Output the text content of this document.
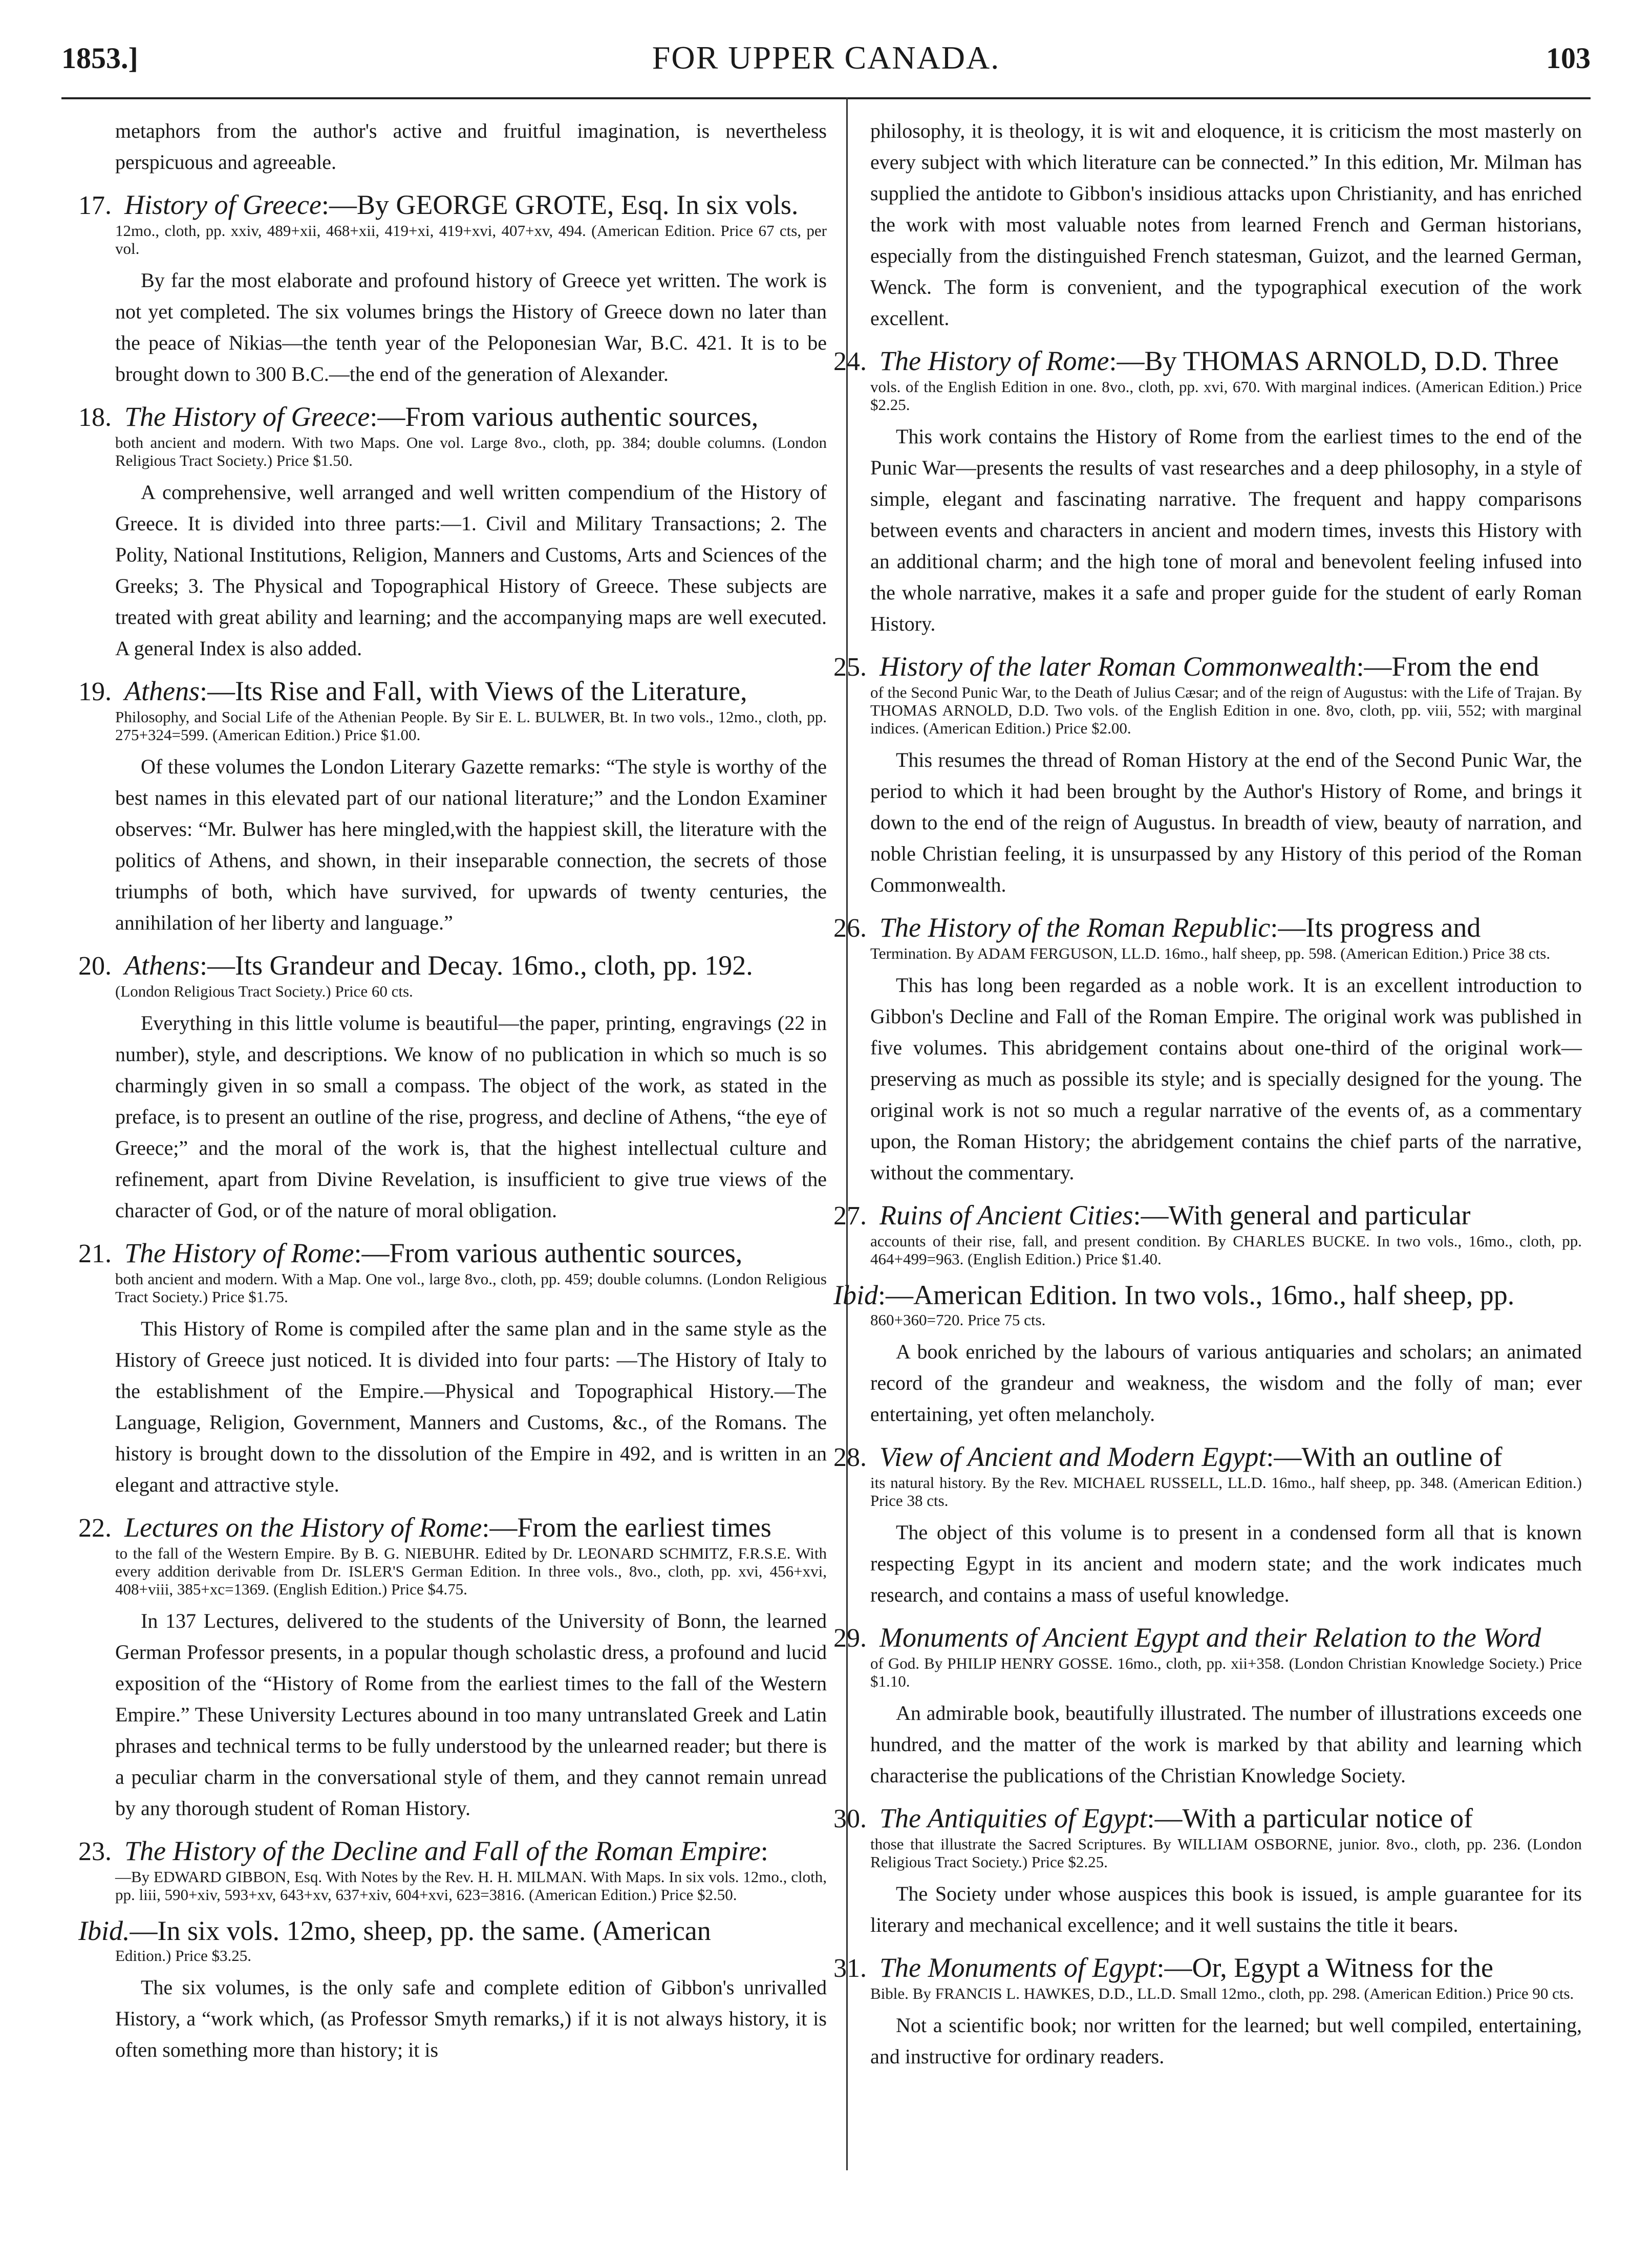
1853.]	FOR UPPER CANADA.	103

metaphors from the author's active and fruitful imagination, is nevertheless perspicuous and agreeable.

17. History of Greece:—By GEORGE GROTE, Esq. In six vols.
12mo., cloth, pp. xxiv, 489+xii, 468+xii, 419+xi, 419+xvi, 407+xv, 494. (American Edition. Price 67 cts, per vol.

By far the most elaborate and profound history of Greece yet written. The work is not yet completed. The six volumes brings the History of Greece down no later than the peace of Nikias—the tenth year of the Peloponesian War, B.C. 421. It is to be brought down to 300 B.C.—the end of the generation of Alexander.

18. The History of Greece:—From various authentic sources,
both ancient and modern. With two Maps. One vol. Large 8vo., cloth, pp. 384; double columns. (London Religious Tract Society.) Price $1.50.

A comprehensive, well arranged and well written compendium of the History of Greece. It is divided into three parts:—1. Civil and Military Transactions; 2. The Polity, National Institutions, Religion, Manners and Customs, Arts and Sciences of the Greeks; 3. The Physical and Topographical History of Greece. These subjects are treated with great ability and learning; and the accompanying maps are well executed. A general Index is also added.

19. Athens:—Its Rise and Fall, with Views of the Literature,
Philosophy, and Social Life of the Athenian People. By Sir E. L. BULWER, Bt. In two vols., 12mo., cloth, pp. 275+324=599. (American Edition.) Price $1.00.

Of these volumes the London Literary Gazette remarks: “The style is worthy of the best names in this elevated part of our national literature;” and the London Examiner observes: “Mr. Bulwer has here mingled,with the happiest skill, the literature with the politics of Athens, and shown, in their inseparable connection, the secrets of those triumphs of both, which have survived, for upwards of twenty centuries, the annihilation of her liberty and language.”

20. Athens:—Its Grandeur and Decay. 16mo., cloth, pp. 192.
(London Religious Tract Society.) Price 60 cts.

Everything in this little volume is beautiful—the paper, printing, engravings (22 in number), style, and descriptions. We know of no publication in which so much is so charmingly given in so small a compass. The object of the work, as stated in the preface, is to present an outline of the rise, progress, and decline of Athens, “the eye of Greece;” and the moral of the work is, that the highest intellectual culture and refinement, apart from Divine Revelation, is insufficient to give true views of the character of God, or of the nature of moral obligation.

21. The History of Rome:—From various authentic sources,
both ancient and modern. With a Map. One vol., large 8vo., cloth, pp. 459; double columns. (London Religious Tract Society.) Price $1.75.

This History of Rome is compiled after the same plan and in the same style as the History of Greece just noticed. It is divided into four parts: —The History of Italy to the establishment of the Empire.—Physical and Topographical History.—The Language, Religion, Government, Manners and Customs, &c., of the Romans. The history is brought down to the dissolution of the Empire in 492, and is written in an elegant and attractive style.

22. Lectures on the History of Rome:—From the earliest times
to the fall of the Western Empire. By B. G. NIEBUHR. Edited by Dr. LEONARD SCHMITZ, F.R.S.E. With every addition derivable from Dr. ISLER'S German Edition. In three vols., 8vo., cloth, pp. xvi, 456+xvi, 408+viii, 385+xc=1369. (English Edition.) Price $4.75.

In 137 Lectures, delivered to the students of the University of Bonn, the learned German Professor presents, in a popular though scholastic dress, a profound and lucid exposition of the “History of Rome from the earliest times to the fall of the Western Empire.” These University Lectures abound in too many untranslated Greek and Latin phrases and technical terms to be fully understood by the unlearned reader; but there is a peculiar charm in the conversational style of them, and they cannot remain unread by any thorough student of Roman History.

23. The History of the Decline and Fall of the Roman Empire:
—By EDWARD GIBBON, Esq. With Notes by the Rev. H. H. MILMAN. With Maps. In six vols. 12mo., cloth, pp. liii, 590+xiv, 593+xv, 643+xv, 637+xiv, 604+xvi, 623=3816. (American Edition.) Price $2.50.
Ibid.—In six vols. 12mo, sheep, pp. the same. (American
Edition.) Price $3.25.

The six volumes, is the only safe and complete edition of Gibbon's unrivalled History, a “work which, (as Professor Smyth remarks,) if it is not always history, it is often something more than history; it is

philosophy, it is theology, it is wit and eloquence, it is criticism the most masterly on every subject with which literature can be connected.” In this edition, Mr. Milman has supplied the antidote to Gibbon's insidious attacks upon Christianity, and has enriched the work with most valuable notes from learned French and German historians, especially from the distinguished French statesman, Guizot, and the learned German, Wenck. The form is convenient, and the typographical execution of the work excellent.

24. The History of Rome:—By THOMAS ARNOLD, D.D. Three
vols. of the English Edition in one. 8vo., cloth, pp. xvi, 670. With marginal indices. (American Edition.) Price $2.25.

This work contains the History of Rome from the earliest times to the end of the Punic War—presents the results of vast researches and a deep philosophy, in a style of simple, elegant and fascinating narrative. The frequent and happy comparisons between events and characters in ancient and modern times, invests this History with an additional charm; and the high tone of moral and benevolent feeling infused into the whole narrative, makes it a safe and proper guide for the student of early Roman History.

25. History of the later Roman Commonwealth:—From the end
of the Second Punic War, to the Death of Julius Cæsar; and of the reign of Augustus: with the Life of Trajan. By THOMAS ARNOLD, D.D. Two vols. of the English Edition in one. 8vo, cloth, pp. viii, 552; with marginal indices. (American Edition.) Price $2.00.

This resumes the thread of Roman History at the end of the Second Punic War, the period to which it had been brought by the Author's History of Rome, and brings it down to the end of the reign of Augustus. In breadth of view, beauty of narration, and noble Christian feeling, it is unsurpassed by any History of this period of the Roman Commonwealth.

26. The History of the Roman Republic:—Its progress and
Termination. By ADAM FERGUSON, LL.D. 16mo., half sheep, pp. 598. (American Edition.) Price 38 cts.

This has long been regarded as a noble work. It is an excellent introduction to Gibbon's Decline and Fall of the Roman Empire. The original work was published in five volumes. This abridgement contains about one-third of the original work—preserving as much as possible its style; and is specially designed for the young. The original work is not so much a regular narrative of the events of, as a commentary upon, the Roman History; the abridgement contains the chief parts of the narrative, without the commentary.

27. Ruins of Ancient Cities:—With general and particular
accounts of their rise, fall, and present condition. By CHARLES BUCKE. In two vols., 16mo., cloth, pp. 464+499=963. (English Edition.) Price $1.40.
Ibid:—American Edition. In two vols., 16mo., half sheep, pp.
860+360=720. Price 75 cts.

A book enriched by the labours of various antiquaries and scholars; an animated record of the grandeur and weakness, the wisdom and the folly of man; ever entertaining, yet often melancholy.

28. View of Ancient and Modern Egypt:—With an outline of
its natural history. By the Rev. MICHAEL RUSSELL, LL.D. 16mo., half sheep, pp. 348. (American Edition.) Price 38 cts.

The object of this volume is to present in a condensed form all that is known respecting Egypt in its ancient and modern state; and the work indicates much research, and contains a mass of useful knowledge.

29. Monuments of Ancient Egypt and their Relation to the Word
of God. By PHILIP HENRY GOSSE. 16mo., cloth, pp. xii+358. (London Christian Knowledge Society.) Price $1.10.

An admirable book, beautifully illustrated. The number of illustrations exceeds one hundred, and the matter of the work is marked by that ability and learning which characterise the publications of the Christian Knowledge Society.

30. The Antiquities of Egypt:—With a particular notice of
those that illustrate the Sacred Scriptures. By WILLIAM OSBORNE, junior. 8vo., cloth, pp. 236. (London Religious Tract Society.) Price $2.25.

The Society under whose auspices this book is issued, is ample guarantee for its literary and mechanical excellence; and it well sustains the title it bears.

31. The Monuments of Egypt:—Or, Egypt a Witness for the
Bible. By FRANCIS L. HAWKES, D.D., LL.D. Small 12mo., cloth, pp. 298. (American Edition.) Price 90 cts.

Not a scientific book; nor written for the learned; but well compiled, entertaining, and instructive for ordinary readers.
